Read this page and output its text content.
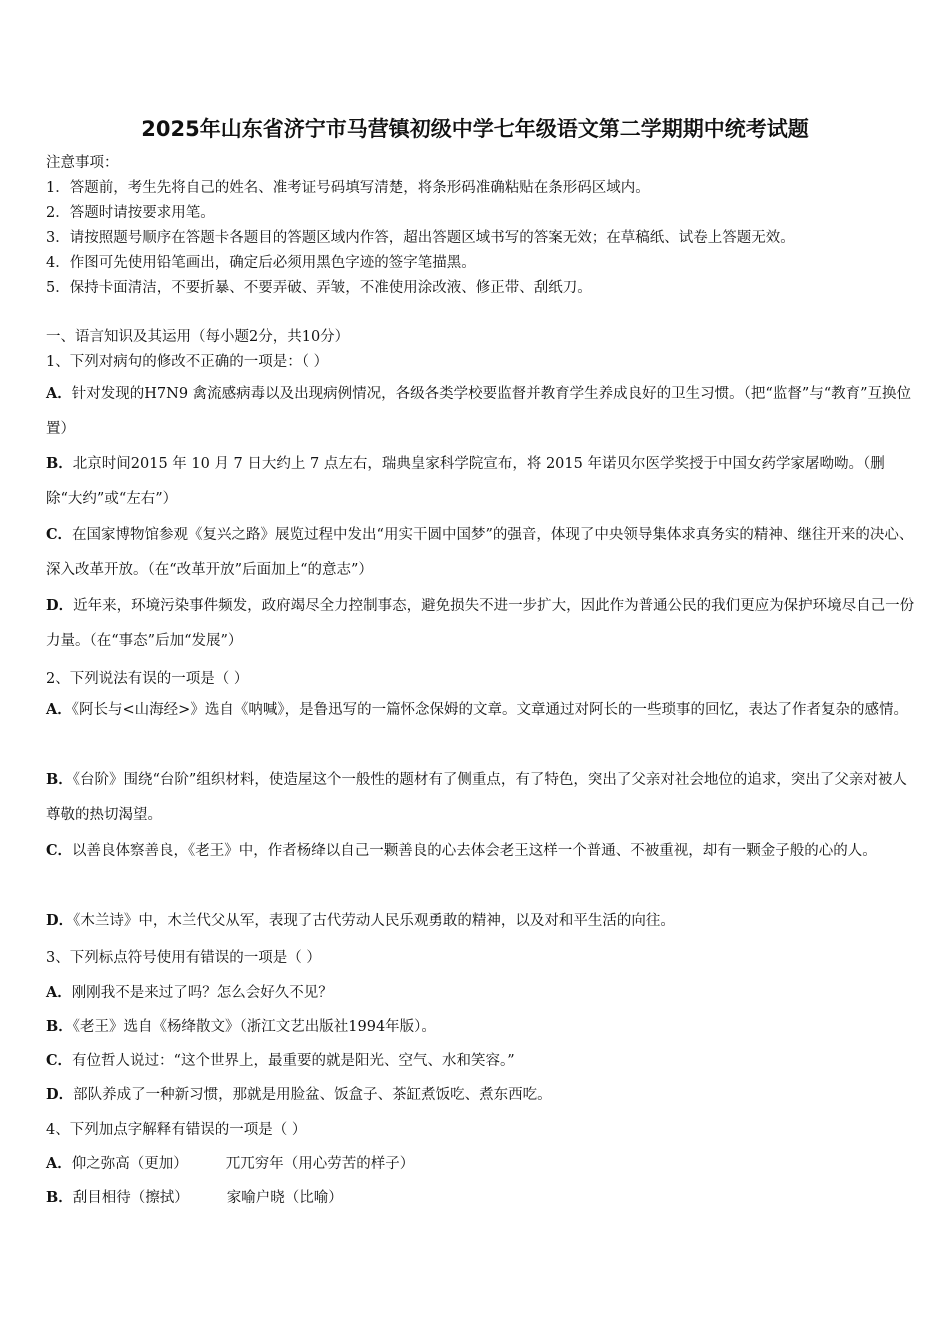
2025年山东省济宁市马营镇初级中学七年级语文第二学期期中统考试题
注意事项：
1．答题前，考生先将自己的姓名、准考证号码填写清楚，将条形码准确粘贴在条形码区域内。
2．答题时请按要求用笔。
3．请按照题号顺序在答题卡各题目的答题区域内作答，超出答题区域书写的答案无效；在草稿纸、试卷上答题无效。
4．作图可先使用铅笔画出，确定后必须用黑色字迹的签字笔描黑。
5．保持卡面清洁，不要折暴、不要弄破、弄皱，不准使用涂改液、修正带、刮纸刀。
一、语言知识及其运用（每小题2分，共10分）
1、下列对病句的修改不正确的一项是：（ ）
A．针对发现的H7N9 禽流感病毒以及出现病例情况，各级各类学校要监督并教育学生养成良好的卫生习惯。（把“监督”与“教育”互换位置）
B．北京时间2015 年 10 月 7 日大约上 7 点左右，瑞典皇家科学院宣布，将 2015 年诺贝尔医学奖授于中国女药学家屠呦呦。（删除“大约”或“左右”）
C．在国家博物馆参观《复兴之路》展览过程中发出“用实干圆中国梦”的强音，体现了中央领导集体求真务实的精神、继往开来的决心、深入改革开放。（在“改革开放”后面加上“的意志”）
D．近年来，环境污染事件频发，政府竭尽全力控制事态，避免损失不进一步扩大，因此作为普通公民的我们更应为保护环境尽自己一份力量。（在“事态”后加“发展”）
2、下列说法有误的一项是（ ）
A．《阿长与<山海经>》选自《呐喊》，是鲁迅写的一篇怀念保姆的文章。文章通过对阿长的一些琐事的回忆，表达了作者复杂的感情。
B．《台阶》围绕“台阶”组织材料，使造屋这个一般性的题材有了侧重点，有了特色，突出了父亲对社会地位的追求，突出了父亲对被人尊敬的热切渴望。
C．以善良体察善良，《老王》中，作者杨绛以自己一颗善良的心去体会老王这样一个普通、不被重视，却有一颗金子般的心的人。
D．《木兰诗》中，木兰代父从军，表现了古代劳动人民乐观勇敢的精神，以及对和平生活的向往。
3、下列标点符号使用有错误的一项是（ ）
A．刚刚我不是来过了吗？怎么会好久不见？
B．《老王》选自《杨绛散文》（浙江文艺出版社1994年版）。
C．有位哲人说过：“这个世界上，最重要的就是阳光、空气、水和笑容。”
D．部队养成了一种新习惯，那就是用脸盆、饭盒子、茶缸煮饭吃、煮东西吃。
4、下列加点字解释有错误的一项是（ ）
A．仰之弥高（更加）	兀兀穷年（用心劳苦的样子）
B．刮目相待（擦拭）	家喻户晓（比喻）
